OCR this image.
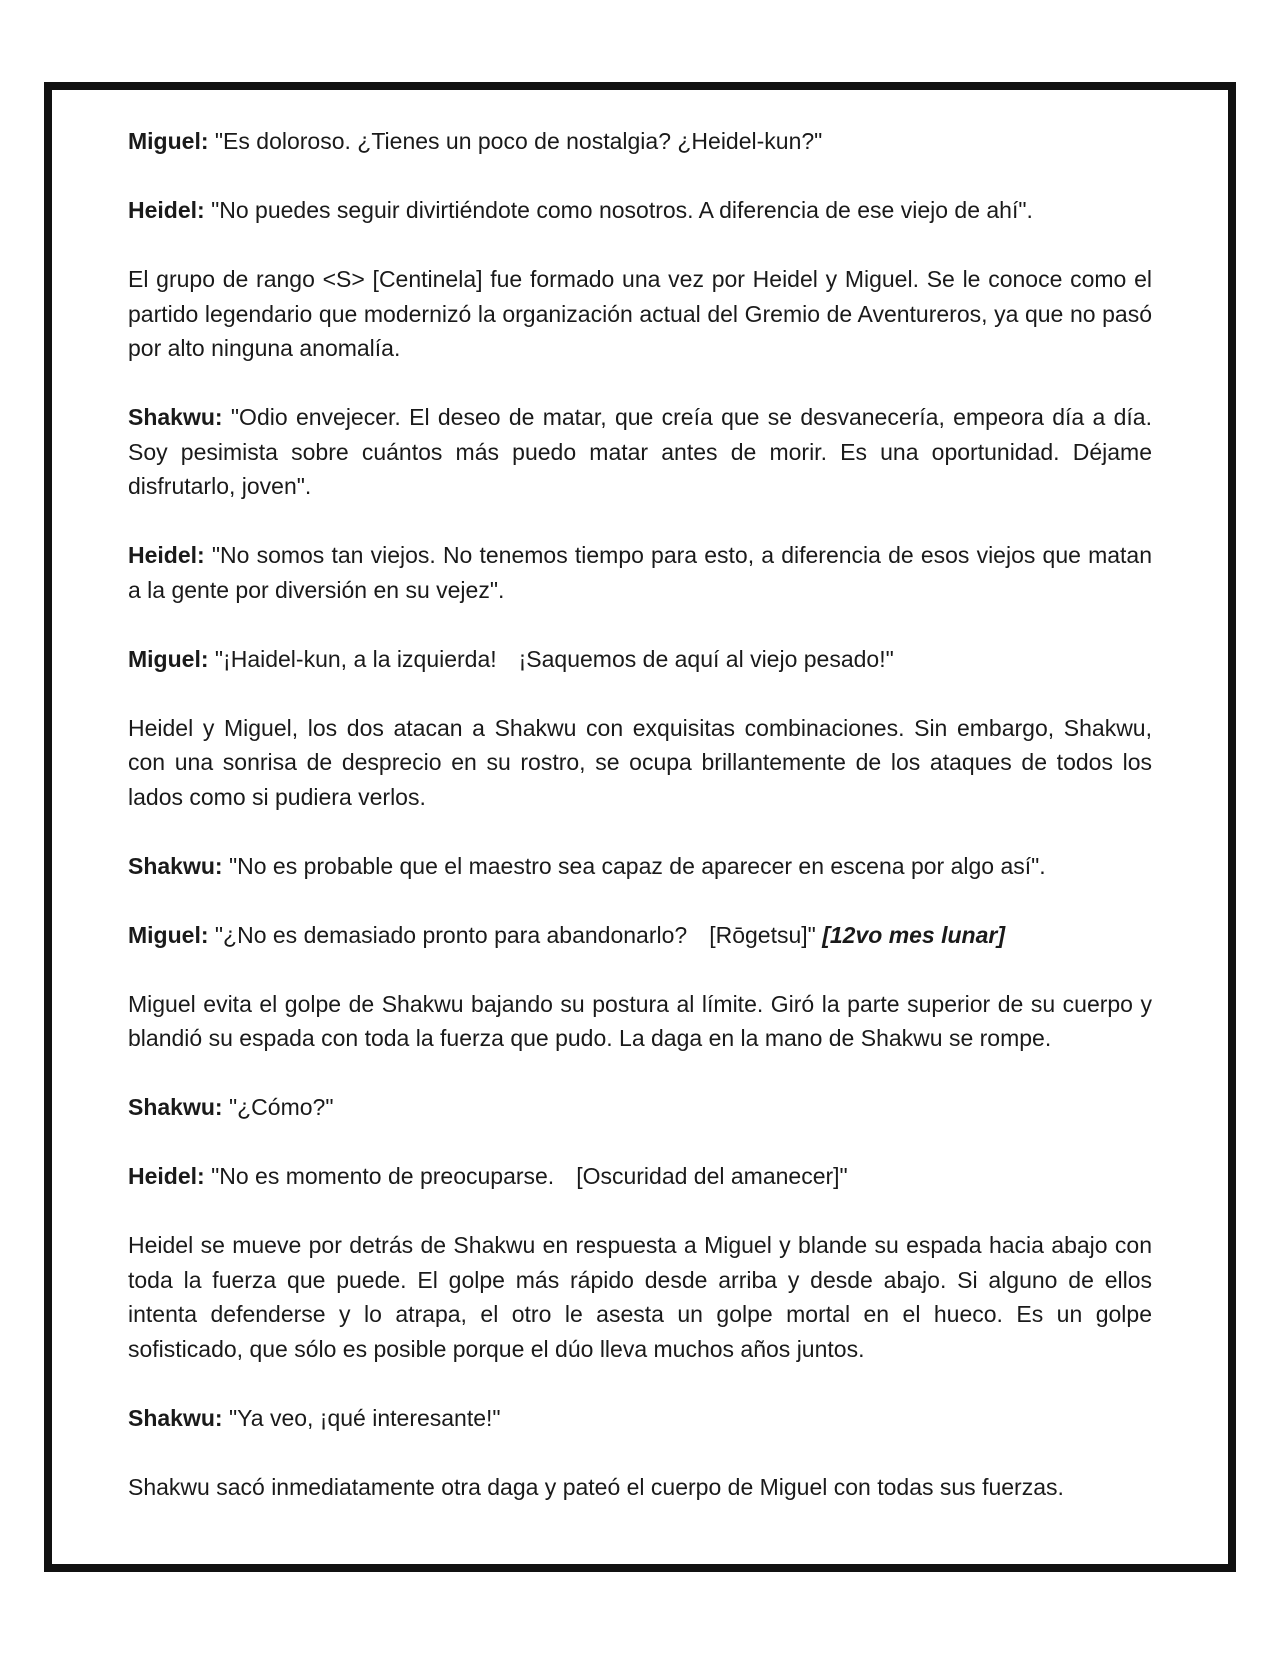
Miguel: "Es doloroso. ¿Tienes un poco de nostalgia? ¿Heidel-kun?"

Heidel: "No puedes seguir divirtiéndote como nosotros. A diferencia de ese viejo de ahí".

El grupo de rango <S> [Centinela] fue formado una vez por Heidel y Miguel. Se le conoce como el partido legendario que modernizó la organización actual del Gremio de Aventureros, ya que no pasó por alto ninguna anomalía.

Shakwu: "Odio envejecer. El deseo de matar, que creía que se desvanecería, empeora día a día. Soy pesimista sobre cuántos más puedo matar antes de morir. Es una oportunidad. Déjame disfrutarlo, joven".

Heidel: "No somos tan viejos. No tenemos tiempo para esto, a diferencia de esos viejos que matan a la gente por diversión en su vejez".

Miguel: "¡Haidel-kun, a la izquierda! ¡Saquemos de aquí al viejo pesado!"

Heidel y Miguel, los dos atacan a Shakwu con exquisitas combinaciones. Sin embargo, Shakwu, con una sonrisa de desprecio en su rostro, se ocupa brillantemente de los ataques de todos los lados como si pudiera verlos.

Shakwu: "No es probable que el maestro sea capaz de aparecer en escena por algo así".

Miguel: "¿No es demasiado pronto para abandonarlo? [Rōgetsu]" [12vo mes lunar]

Miguel evita el golpe de Shakwu bajando su postura al límite. Giró la parte superior de su cuerpo y blandió su espada con toda la fuerza que pudo. La daga en la mano de Shakwu se rompe.

Shakwu: "¿Cómo?"

Heidel: "No es momento de preocuparse. [Oscuridad del amanecer]"

Heidel se mueve por detrás de Shakwu en respuesta a Miguel y blande su espada hacia abajo con toda la fuerza que puede. El golpe más rápido desde arriba y desde abajo. Si alguno de ellos intenta defenderse y lo atrapa, el otro le asesta un golpe mortal en el hueco. Es un golpe sofisticado, que sólo es posible porque el dúo lleva muchos años juntos.

Shakwu: "Ya veo, ¡qué interesante!"

Shakwu sacó inmediatamente otra daga y pateó el cuerpo de Miguel con todas sus fuerzas.
